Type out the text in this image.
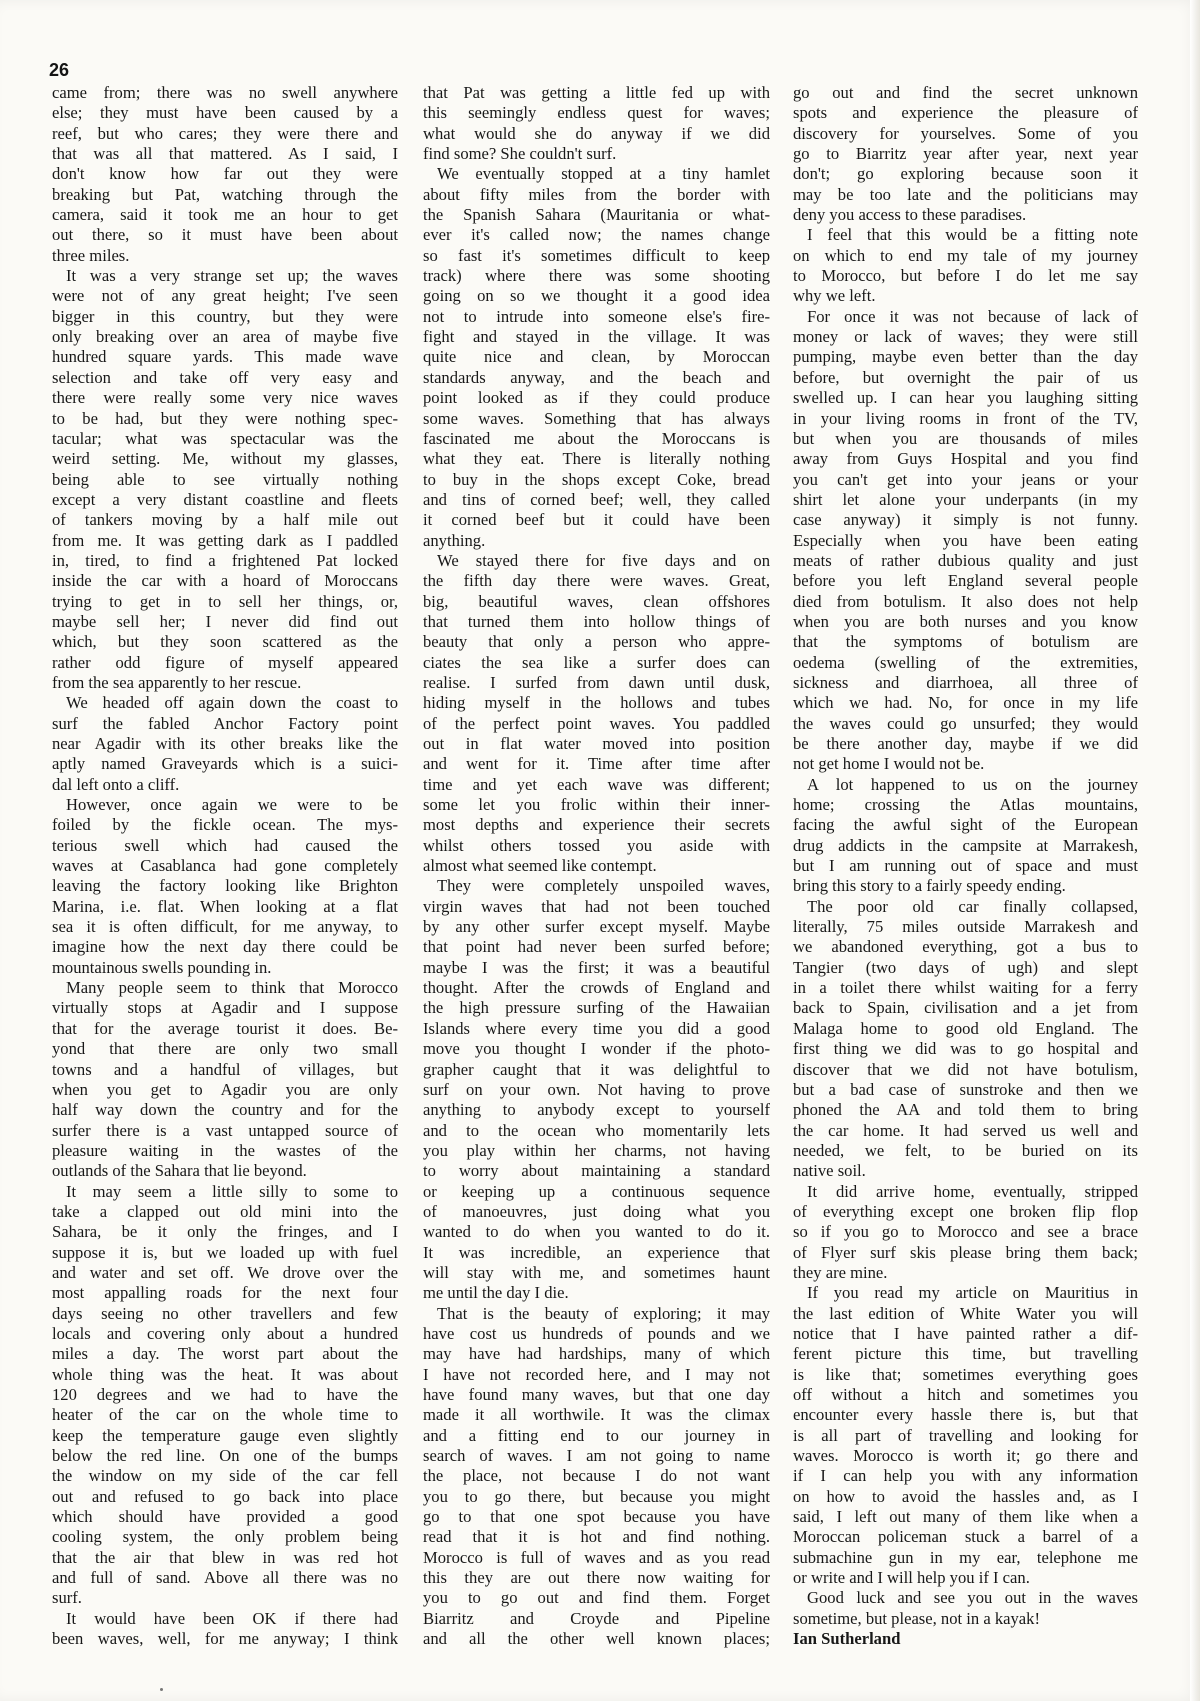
26
came from; there was no swell anywhere
else; they must have been caused by a
reef, but who cares; they were there and
that was all that mattered. As I said, I
don't know how far out they were
breaking but Pat, watching through the
camera, said it took me an hour to get
out there, so it must have been about
three miles.
It was a very strange set up; the waves
were not of any great height; I've seen
bigger in this country, but they were
only breaking over an area of maybe five
hundred square yards. This made wave
selection and take off very easy and
there were really some very nice waves
to be had, but they were nothing spec-
tacular; what was spectacular was the
weird setting. Me, without my glasses,
being able to see virtually nothing
except a very distant coastline and fleets
of tankers moving by a half mile out
from me. It was getting dark as I paddled
in, tired, to find a frightened Pat locked
inside the car with a hoard of Moroccans
trying to get in to sell her things, or,
maybe sell her; I never did find out
which, but they soon scattered as the
rather odd figure of myself appeared
from the sea apparently to her rescue.
We headed off again down the coast to
surf the fabled Anchor Factory point
near Agadir with its other breaks like the
aptly named Graveyards which is a suici-
dal left onto a cliff.
However, once again we were to be
foiled by the fickle ocean. The mys-
terious swell which had caused the
waves at Casablanca had gone completely
leaving the factory looking like Brighton
Marina, i.e. flat. When looking at a flat
sea it is often difficult, for me anyway, to
imagine how the next day there could be
mountainous swells pounding in.
Many people seem to think that Morocco
virtually stops at Agadir and I suppose
that for the average tourist it does. Be-
yond that there are only two small
towns and a handful of villages, but
when you get to Agadir you are only
half way down the country and for the
surfer there is a vast untapped source of
pleasure waiting in the wastes of the
outlands of the Sahara that lie beyond.
It may seem a little silly to some to
take a clapped out old mini into the
Sahara, be it only the fringes, and I
suppose it is, but we loaded up with fuel
and water and set off. We drove over the
most appalling roads for the next four
days seeing no other travellers and few
locals and covering only about a hundred
miles a day. The worst part about the
whole thing was the heat. It was about
120 degrees and we had to have the
heater of the car on the whole time to
keep the temperature gauge even slightly
below the red line. On one of the bumps
the window on my side of the car fell
out and refused to go back into place
which should have provided a good
cooling system, the only problem being
that the air that blew in was red hot
and full of sand. Above all there was no
surf.
It would have been OK if there had
been waves, well, for me anyway; I think
that Pat was getting a little fed up with
this seemingly endless quest for waves;
what would she do anyway if we did
find some? She couldn't surf.
We eventually stopped at a tiny hamlet
about fifty miles from the border with
the Spanish Sahara (Mauritania or what-
ever it's called now; the names change
so fast it's sometimes difficult to keep
track) where there was some shooting
going on so we thought it a good idea
not to intrude into someone else's fire-
fight and stayed in the village. It was
quite nice and clean, by Moroccan
standards anyway, and the beach and
point looked as if they could produce
some waves. Something that has always
fascinated me about the Moroccans is
what they eat. There is literally nothing
to buy in the shops except Coke, bread
and tins of corned beef; well, they called
it corned beef but it could have been
anything.
We stayed there for five days and on
the fifth day there were waves. Great,
big, beautiful waves, clean offshores
that turned them into hollow things of
beauty that only a person who appre-
ciates the sea like a surfer does can
realise. I surfed from dawn until dusk,
hiding myself in the hollows and tubes
of the perfect point waves. You paddled
out in flat water moved into position
and went for it. Time after time after
time and yet each wave was different;
some let you frolic within their inner-
most depths and experience their secrets
whilst others tossed you aside with
almost what seemed like contempt.
They were completely unspoiled waves,
virgin waves that had not been touched
by any other surfer except myself. Maybe
that point had never been surfed before;
maybe I was the first; it was a beautiful
thought. After the crowds of England and
the high pressure surfing of the Hawaiian
Islands where every time you did a good
move you thought I wonder if the photo-
grapher caught that it was delightful to
surf on your own. Not having to prove
anything to anybody except to yourself
and to the ocean who momentarily lets
you play within her charms, not having
to worry about maintaining a standard
or keeping up a continuous sequence
of manoeuvres, just doing what you
wanted to do when you wanted to do it.
It was incredible, an experience that
will stay with me, and sometimes haunt
me until the day I die.
That is the beauty of exploring; it may
have cost us hundreds of pounds and we
may have had hardships, many of which
I have not recorded here, and I may not
have found many waves, but that one day
made it all worthwile. It was the climax
and a fitting end to our journey in
search of waves. I am not going to name
the place, not because I do not want
you to go there, but because you might
go to that one spot because you have
read that it is hot and find nothing.
Morocco is full of waves and as you read
this they are out there now waiting for
you to go out and find them. Forget
Biarritz and Croyde and Pipeline
and all the other well known places;
go out and find the secret unknown
spots and experience the pleasure of
discovery for yourselves. Some of you
go to Biarritz year after year, next year
don't; go exploring because soon it
may be too late and the politicians may
deny you access to these paradises.
I feel that this would be a fitting note
on which to end my tale of my journey
to Morocco, but before I do let me say
why we left.
For once it was not because of lack of
money or lack of waves; they were still
pumping, maybe even better than the day
before, but overnight the pair of us
swelled up. I can hear you laughing sitting
in your living rooms in front of the TV,
but when you are thousands of miles
away from Guys Hospital and you find
you can't get into your jeans or your
shirt let alone your underpants (in my
case anyway) it simply is not funny.
Especially when you have been eating
meats of rather dubious quality and just
before you left England several people
died from botulism. It also does not help
when you are both nurses and you know
that the symptoms of botulism are
oedema (swelling of the extremities,
sickness and diarrhoea, all three of
which we had. No, for once in my life
the waves could go unsurfed; they would
be there another day, maybe if we did
not get home I would not be.
A lot happened to us on the journey
home; crossing the Atlas mountains,
facing the awful sight of the European
drug addicts in the campsite at Marrakesh,
but I am running out of space and must
bring this story to a fairly speedy ending.
The poor old car finally collapsed,
literally, 75 miles outside Marrakesh and
we abandoned everything, got a bus to
Tangier (two days of ugh) and slept
in a toilet there whilst waiting for a ferry
back to Spain, civilisation and a jet from
Malaga home to good old England. The
first thing we did was to go hospital and
discover that we did not have botulism,
but a bad case of sunstroke and then we
phoned the AA and told them to bring
the car home. It had served us well and
needed, we felt, to be buried on its
native soil.
It did arrive home, eventually, stripped
of everything except one broken flip flop
so if you go to Morocco and see a brace
of Flyer surf skis please bring them back;
they are mine.
If you read my article on Mauritius in
the last edition of White Water you will
notice that I have painted rather a dif-
ferent picture this time, but travelling
is like that; sometimes everything goes
off without a hitch and sometimes you
encounter every hassle there is, but that
is all part of travelling and looking for
waves. Morocco is worth it; go there and
if I can help you with any information
on how to avoid the hassles and, as I
said, I left out many of them like when a
Moroccan policeman stuck a barrel of a
submachine gun in my ear, telephone me
or write and I will help you if I can.
Good luck and see you out in the waves
sometime, but please, not in a kayak!
Ian Sutherland
